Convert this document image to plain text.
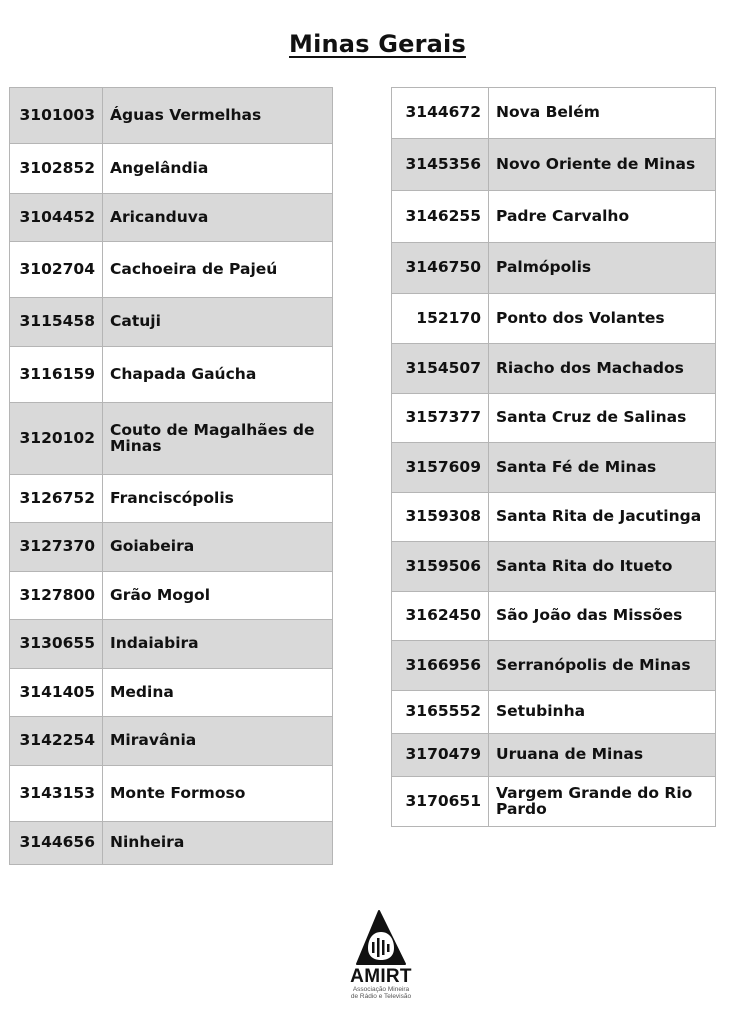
Minas Gerais
3101003	Águas Vermelhas
3102852	Angelândia
3104452	Aricanduva
3102704	Cachoeira de Pajeú
3115458	Catuji
3116159	Chapada Gaúcha
3120102	Couto de Magalhães de Minas
3126752	Franciscópolis
3127370	Goiabeira
3127800	Grão Mogol
3130655	Indaiabira
3141405	Medina
3142254	Miravânia
3143153	Monte Formoso
3144656	Ninheira
3144672	Nova Belém
3145356	Novo Oriente de Minas
3146255	Padre Carvalho
3146750	Palmópolis
152170	Ponto dos Volantes
3154507	Riacho dos Machados
3157377	Santa Cruz de Salinas
3157609	Santa Fé de Minas
3159308	Santa Rita de Jacutinga
3159506	Santa Rita do Itueto
3162450	São João das Missões
3166956	Serranópolis de Minas
3165552	Setubinha
3170479	Uruana de Minas
3170651	Vargem Grande do Rio Pardo
AMIRT
Associação Mineira
de Rádio e Televisão
